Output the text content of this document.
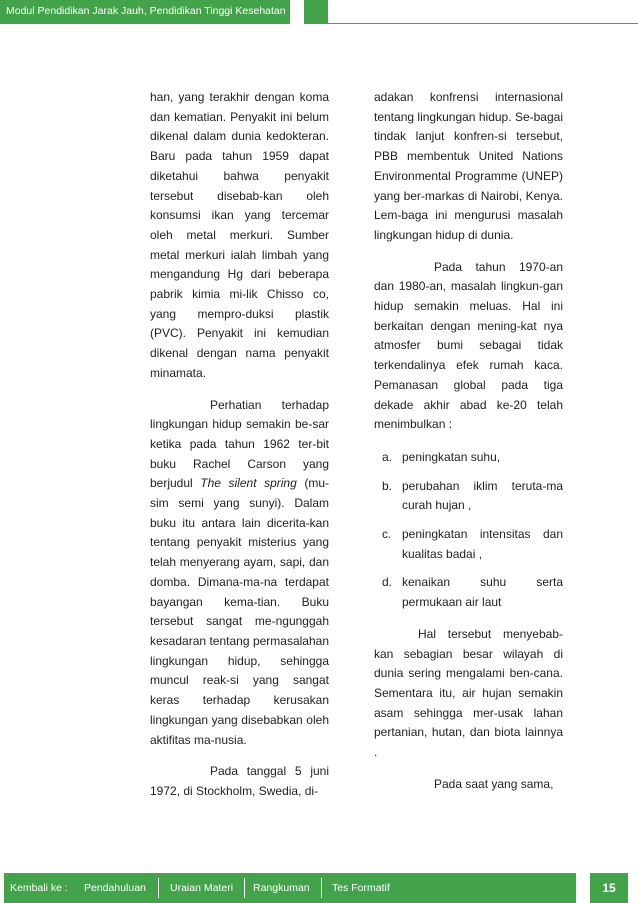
Modul Pendidikan Jarak Jauh, Pendidikan Tinggi Kesehatan

han, yang terakhir dengan koma dan kematian. Penyakit ini belum dikenal dalam dunia kedokteran. Baru pada tahun 1959 dapat diketahui bahwa penyakit tersebut disebab-kan oleh konsumsi ikan yang tercemar oleh metal merkuri. Sumber metal merkuri ialah limbah yang mengandung Hg dari beberapa pabrik kimia mi-lik Chisso co, yang mempro-duksi plastik (PVC). Penyakit ini kemudian dikenal dengan nama penyakit minamata.

Perhatian terhadap lingkungan hidup semakin be-sar ketika pada tahun 1962 ter-bit buku Rachel Carson yang berjudul The silent spring (mu-sim semi yang sunyi). Dalam buku itu antara lain dicerita-kan tentang penyakit misterius yang telah menyerang ayam, sapi, dan domba. Dimana-ma-na terdapat bayangan kema-tian. Buku tersebut sangat me-ngunggah kesadaran tentang permasalahan lingkungan hidup, sehingga muncul reak-si yang sangat keras terhadap kerusakan lingkungan yang disebabkan oleh aktifitas ma-nusia.

Pada tanggal 5 juni 1972, di Stockholm, Swedia, di-

adakan konfrensi internasional tentang lingkungan hidup. Se-bagai tindak lanjut konfren-si tersebut, PBB membentuk United Nations Environmental Programme (UNEP) yang ber-markas di Nairobi, Kenya. Lem-baga ini mengurusi masalah lingkungan hidup di dunia.

Pada tahun 1970-an dan 1980-an, masalah lingkun-gan hidup semakin meluas. Hal ini berkaitan dengan mening-kat nya atmosfer bumi sebagai tidak terkendalinya efek rumah kaca. Pemanasan global pada tiga dekade akhir abad ke-20 telah menimbulkan :

a. peningkatan suhu,
b. perubahan iklim teruta-ma curah hujan ,
c. peningkatan intensitas dan kualitas badai ,
d. kenaikan suhu serta permukaan air laut

Hal tersebut menyebab-kan sebagian besar wilayah di dunia sering mengalami ben-cana. Sementara itu, air hujan semakin asam sehingga mer-usak lahan pertanian, hutan, dan biota lainnya .

Pada saat yang sama,

Kembali ke : Pendahuluan Uraian Materi Rangkuman Tes Formatif	15
